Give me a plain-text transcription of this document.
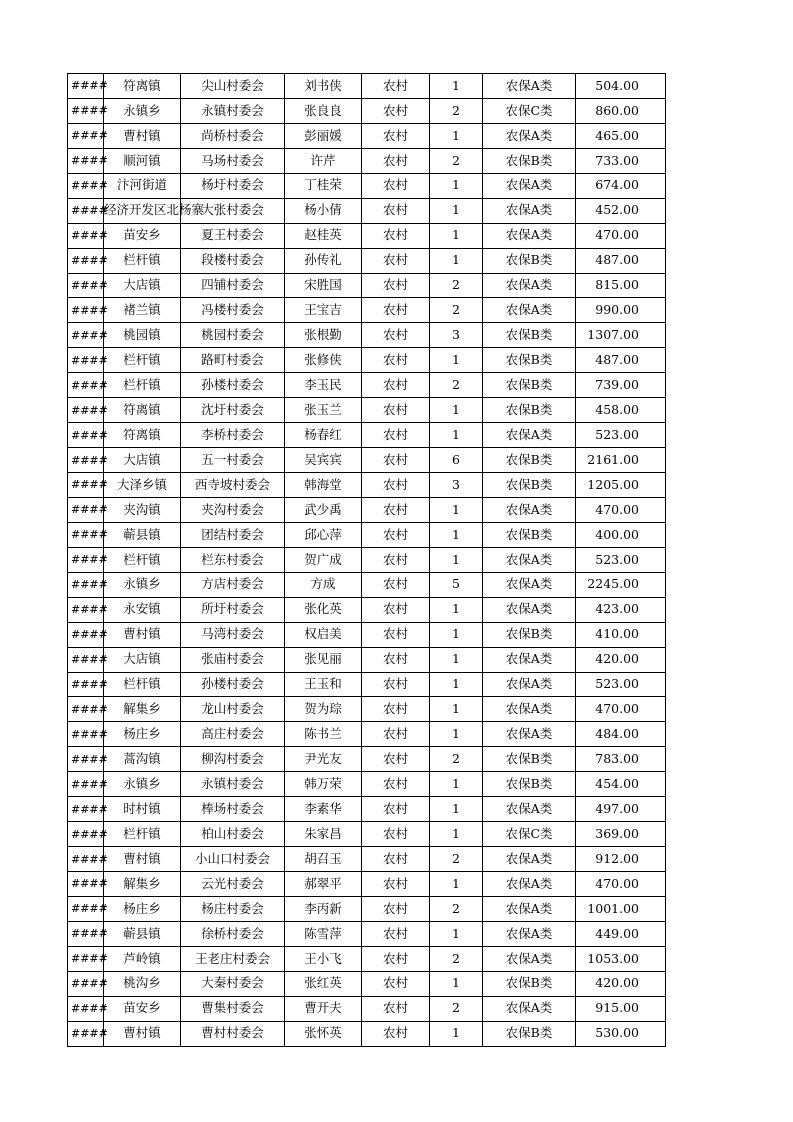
####	符离镇	尖山村委会	刘书侠	农村	1	农保A类	504.00
####	永镇乡	永镇村委会	张良良	农村	2	农保C类	860.00
####	曹村镇	尚桥村委会	彭丽媛	农村	1	农保A类	465.00
####	顺河镇	马场村委会	许芹	农村	2	农保B类	733.00
####	汴河街道	杨圩村委会	丁桂荣	农村	1	农保A类	674.00
####	经济开发区北杨寨	大张村委会	杨小倩	农村	1	农保A类	452.00
####	苗安乡	夏王村委会	赵桂英	农村	1	农保A类	470.00
####	栏杆镇	段楼村委会	孙传礼	农村	1	农保B类	487.00
####	大店镇	四铺村委会	宋胜国	农村	2	农保A类	815.00
####	褚兰镇	冯楼村委会	王宝吉	农村	2	农保A类	990.00
####	桃园镇	桃园村委会	张根勤	农村	3	农保B类	1307.00
####	栏杆镇	路町村委会	张修侠	农村	1	农保B类	487.00
####	栏杆镇	孙楼村委会	李玉民	农村	2	农保B类	739.00
####	符离镇	沈圩村委会	张玉兰	农村	1	农保B类	458.00
####	符离镇	李桥村委会	杨春红	农村	1	农保A类	523.00
####	大店镇	五一村委会	吴宾宾	农村	6	农保B类	2161.00
####	大泽乡镇	西寺坡村委会	韩海堂	农村	3	农保B类	1205.00
####	夹沟镇	夹沟村委会	武少禹	农村	1	农保A类	470.00
####	蕲县镇	团结村委会	邱心萍	农村	1	农保B类	400.00
####	栏杆镇	栏东村委会	贺广成	农村	1	农保A类	523.00
####	永镇乡	方店村委会	方成	农村	5	农保A类	2245.00
####	永安镇	所圩村委会	张化英	农村	1	农保A类	423.00
####	曹村镇	马湾村委会	权启美	农村	1	农保B类	410.00
####	大店镇	张庙村委会	张见丽	农村	1	农保A类	420.00
####	栏杆镇	孙楼村委会	王玉和	农村	1	农保A类	523.00
####	解集乡	龙山村委会	贺为琮	农村	1	农保A类	470.00
####	杨庄乡	高庄村委会	陈书兰	农村	1	农保A类	484.00
####	蒿沟镇	柳沟村委会	尹光友	农村	2	农保B类	783.00
####	永镇乡	永镇村委会	韩万荣	农村	1	农保B类	454.00
####	时村镇	棒场村委会	李素华	农村	1	农保A类	497.00
####	栏杆镇	柏山村委会	朱家昌	农村	1	农保C类	369.00
####	曹村镇	小山口村委会	胡召玉	农村	2	农保A类	912.00
####	解集乡	云光村委会	郝翠平	农村	1	农保A类	470.00
####	杨庄乡	杨庄村委会	李丙新	农村	2	农保A类	1001.00
####	蕲县镇	徐桥村委会	陈雪萍	农村	1	农保A类	449.00
####	芦岭镇	王老庄村委会	王小飞	农村	2	农保A类	1053.00
####	桃沟乡	大秦村委会	张红英	农村	1	农保B类	420.00
####	苗安乡	曹集村委会	曹开夫	农村	2	农保A类	915.00
####	曹村镇	曹村村委会	张怀英	农村	1	农保B类	530.00
